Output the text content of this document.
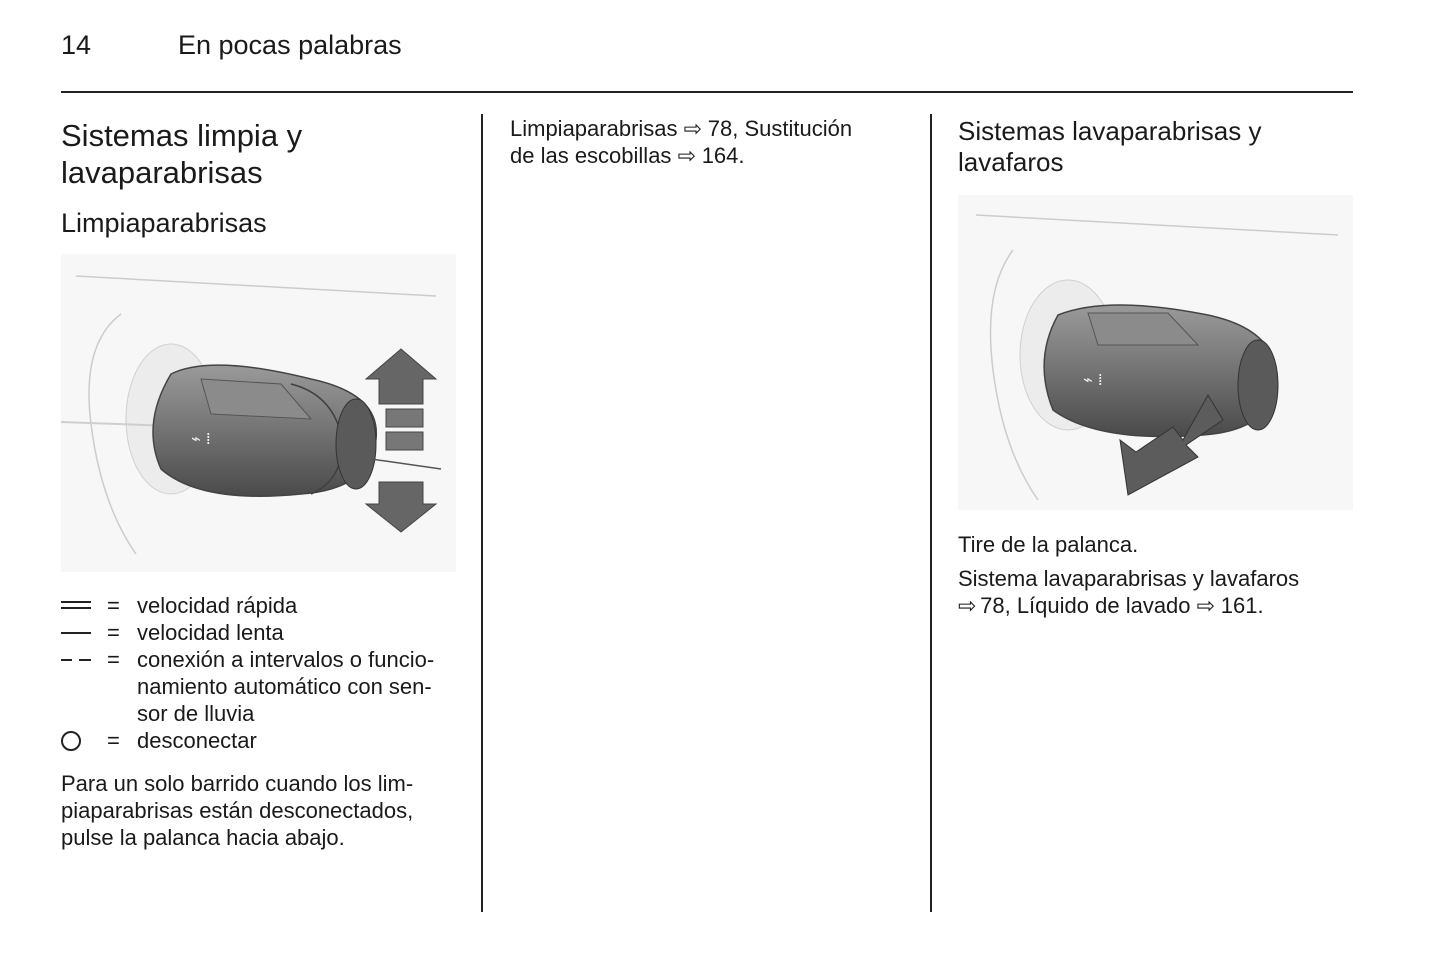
14	En pocas palabras
Sistemas limpia y
lavaparabrisas
Limpiaparabrisas
⌁ ⁞
= velocidad rápida
= velocidad lenta
= conexión a intervalos o funcio-
namiento automático con sen-
sor de lluvia
= desconectar
Para un solo barrido cuando los lim-
piaparabrisas están desconectados,
pulse la palanca hacia abajo.
Limpiaparabrisas ⇨ 78, Sustitución
de las escobillas ⇨ 164.
Sistemas lavaparabrisas y
lavafaros
⌁ ⁞
Tire de la palanca.
Sistema lavaparabrisas y lavafaros
⇨ 78, Líquido de lavado ⇨ 161.
